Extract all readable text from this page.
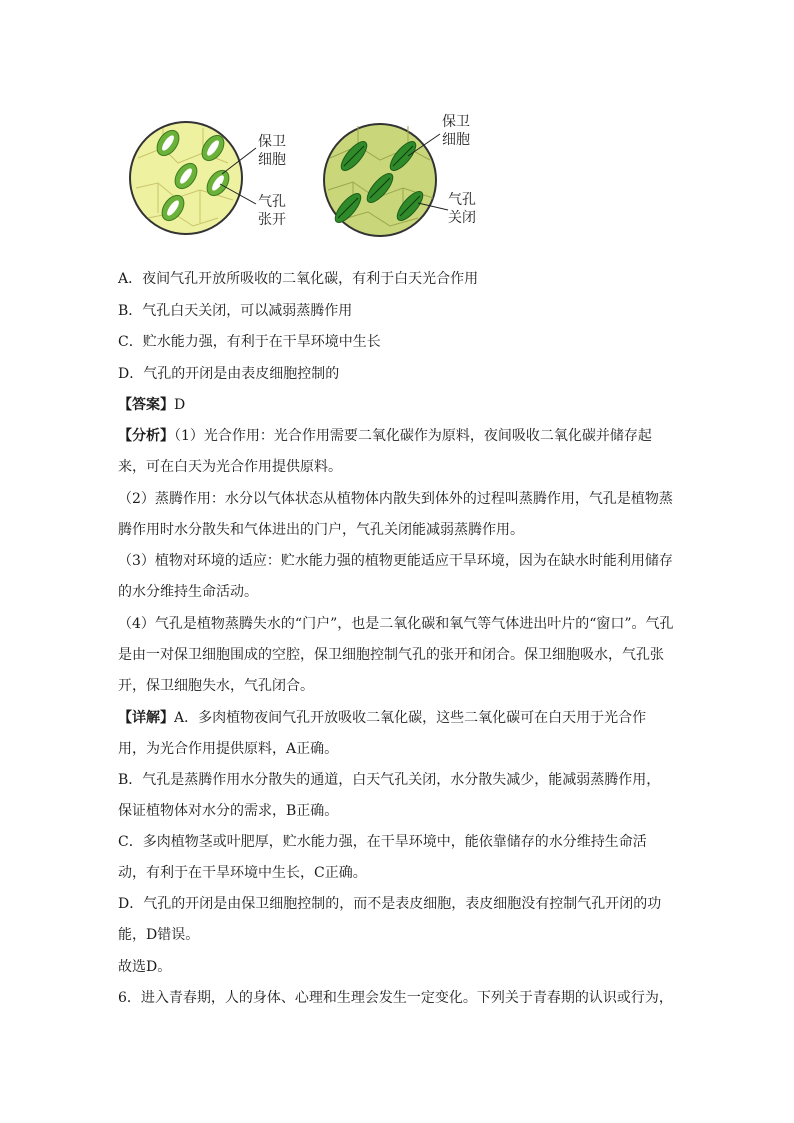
保卫
细胞
气孔
张开
保卫
细胞
气孔
关闭
A．夜间气孔开放所吸收的二氧化碳，有利于白天光合作用
B．气孔白天关闭，可以减弱蒸腾作用
C．贮水能力强，有利于在干旱环境中生长
D．气孔的开闭是由表皮细胞控制的
【答案】D
【分析】（1）光合作用：光合作用需要二氧化碳作为原料，夜间吸收二氧化碳并储存起
来，可在白天为光合作用提供原料。
（2）蒸腾作用：水分以气体状态从植物体内散失到体外的过程叫蒸腾作用，气孔是植物蒸
腾作用时水分散失和气体进出的门户，气孔关闭能减弱蒸腾作用。
（3）植物对环境的适应：贮水能力强的植物更能适应干旱环境，因为在缺水时能利用储存
的水分维持生命活动。
（4）气孔是植物蒸腾失水的“门户”，也是二氧化碳和氧气等气体进出叶片的“窗口”。气孔
是由一对保卫细胞围成的空腔，保卫细胞控制气孔的张开和闭合。保卫细胞吸水，气孔张
开，保卫细胞失水，气孔闭合。
【详解】A．多肉植物夜间气孔开放吸收二氧化碳，这些二氧化碳可在白天用于光合作
用，为光合作用提供原料，A正确。
B．气孔是蒸腾作用水分散失的通道，白天气孔关闭，水分散失减少，能减弱蒸腾作用，
保证植物体对水分的需求，B正确。
C．多肉植物茎或叶肥厚，贮水能力强，在干旱环境中，能依靠储存的水分维持生命活
动，有利于在干旱环境中生长，C正确。
D．气孔的开闭是由保卫细胞控制的，而不是表皮细胞，表皮细胞没有控制气孔开闭的功
能，D错误。
故选D。
6．进入青春期，人的身体、心理和生理会发生一定变化。下列关于青春期的认识或行为，
